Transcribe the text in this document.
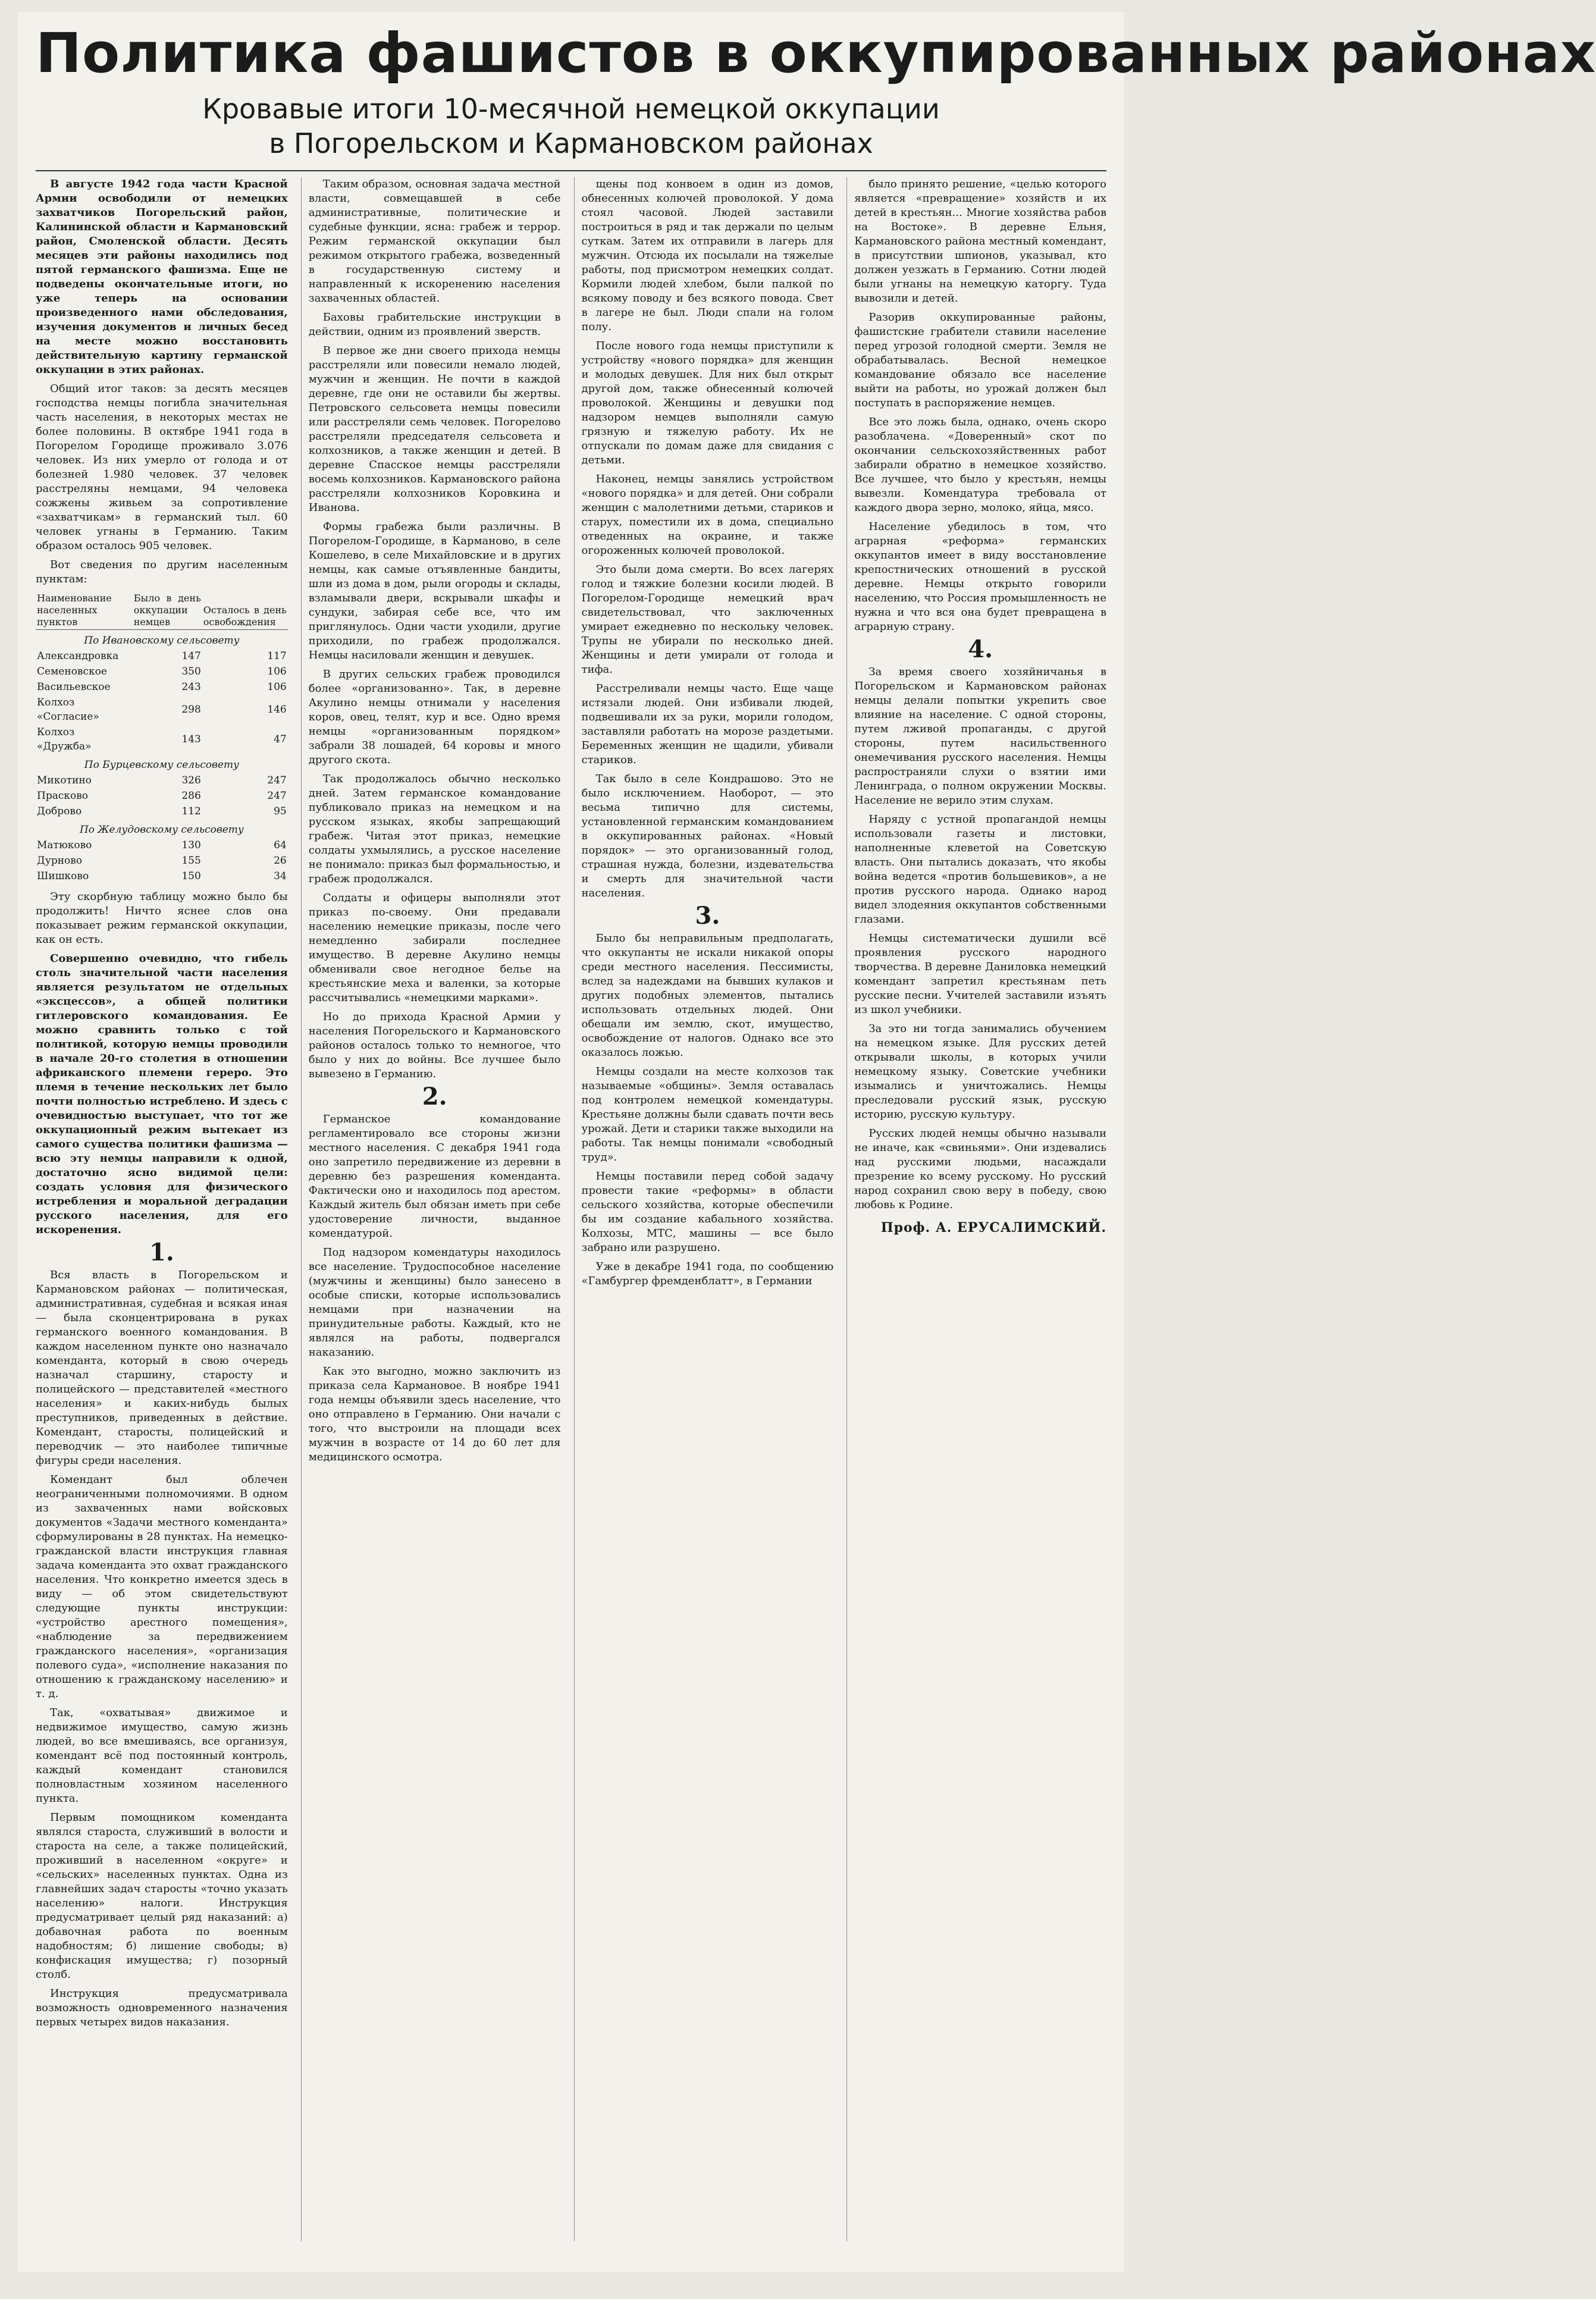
Политика фашистов в оккупированных районах
Кровавые итоги 10-месячной немецкой оккупации
в Погорельском и Кармановском районах

В августе 1942 года части Красной Армии освободили от немецких захватчиков Погорельский район, Калининской области и Кармановский район, Смоленской области. Десять месяцев эти районы находились под пятой германского фашизма. Еще не подведены окончательные итоги, но уже теперь на основании произведенного нами обследования, изучения документов и личных бесед на месте можно восстановить действительную картину германской оккупации в этих районах.

Общий итог таков: за десять месяцев господства немцы погибла значительная часть населения, в некоторых местах не более половины. В октябре 1941 года в Погорелом Городище проживало 3.076 человек. Из них умерло от голода и от болезней 1.980 человек. 37 человек расстреляны немцами, 94 человека сожжены живьем за сопротивление «захватчикам» в германский тыл. 60 человек угнаны в Германию. Таким образом осталось 905 человек.

Вот сведения по другим населенным пунктам:

Наименование населенных пунктов	Было в день оккупации немцев	Осталось в день освобождения
По Ивановскому сельсовету		
Александровка	147	117
Семеновское	350	106
Васильевское	243	106
Колхоз «Согласие»	298	146
Колхоз «Дружба»	143	47
По Бурцевскому сельсовету		
Микотино	326	247
Прасково	286	247
Доброво	112	95
По Желудовскому сельсовету		
Матюково	130	64
Дурново	155	26
Шишково	150	34

Эту скорбную таблицу можно было бы продолжить! Ничто яснее слов она показывает режим германской оккупации, как он есть.

Совершенно очевидно, что гибель столь значительной части населения является результатом не отдельных «эксцессов», а общей политики гитлеровского командования. Ее можно сравнить только с той политикой, которую немцы проводили в начале 20-го столетия в отношении африканского племени гереро. Это племя в течение нескольких лет было почти полностью истреблено. И здесь с очевидностью выступает, что тот же оккупационный режим вытекает из самого существа политики фашизма — всю эту немцы направили к одной, достаточно ясно видимой цели: создать условия для физического истребления и моральной деградации русского населения, для его искоренения.

1.

Вся власть в Погорельском и Кармановском районах — политическая, административная, судебная и всякая иная — была сконцентрирована в руках германского военного командования. В каждом населенном пункте оно назначало коменданта, который в свою очередь назначал старшину, старосту и полицейского — представителей «местного населения» и каких-нибудь былых преступников, приведенных в действие. Комендант, старосты, полицейский и переводчик — это наиболее типичные фигуры среди населения.

Комендант был облечен неограниченными полномочиями. В одном из захваченных нами войсковых документов «Задачи местного коменданта» сформулированы в 28 пунктах. На немецко-гражданской власти инструкция главная задача коменданта это охват гражданского населения. Что конкретно имеется здесь в виду — об этом свидетельствуют следующие пункты инструкции: «устройство арестного помещения», «наблюдение за передвижением гражданского населения», «организация полевого суда», «исполнение наказания по отношению к гражданскому населению» и т. д.

Так, «охватывая» движимое и недвижимое имущество, самую жизнь людей, во все вмешиваясь, все организуя, комендант всё под постоянный контроль, каждый комендант становился полновластным хозяином населенного пункта.

Первым помощником коменданта являлся староста, служивший в волости и староста на селе, а также полицейский, проживший в населенном «округе» и «сельских» населенных пунктах. Одна из главнейших задач старосты «точно указать населению» налоги. Инструкция предусматривает целый ряд наказаний: а) добавочная работа по военным надобностям; б) лишение свободы; в) конфискация имущества; г) позорный столб.

Инструкция предусматривала возможность одновременного назначения первых четырех видов наказания.

Таким образом, основная задача местной власти, совмещавшей в себе административные, политические и судебные функции, ясна: грабеж и террор. Режим германской оккупации был режимом открытого грабежа, возведенный в государственную систему и направленный к искоренению населения захваченных областей.

Баховы грабительские инструкции в действии, одним из проявлений зверств.

В первое же дни своего прихода немцы расстреляли или повесили немало людей, мужчин и женщин. Не почти в каждой деревне, где они не оставили бы жертвы. Петровского сельсовета немцы повесили или расстреляли семь человек. Погорелово расстреляли председателя сельсовета и колхозников, а также женщин и детей. В деревне Спасское немцы расстреляли восемь колхозников. Кармановского района расстреляли колхозников Коровкина и Иванова.

Формы грабежа были различны. В Погорелом-Городище, в Карманово, в селе Кошелево, в селе Михайловские и в других немцы, как самые отъявленные бандиты, шли из дома в дом, рыли огороды и склады, взламывали двери, вскрывали шкафы и сундуки, забирая себе все, что им приглянулось. Одни части уходили, другие приходили, по грабеж продолжался. Немцы насиловали женщин и девушек.

В других сельских грабеж проводился более «организованно». Так, в деревне Акулино немцы отнимали у населения коров, овец, телят, кур и все. Одно время немцы «организованным порядком» забрали 38 лошадей, 64 коровы и много другого скота.

Так продолжалось обычно несколько дней. Затем германское командование публиковало приказ на немецком и на русском языках, якобы запрещающий грабеж. Читая этот приказ, немецкие солдаты ухмылялись, а русское население не понимало: приказ был формальностью, и грабеж продолжался.

Солдаты и офицеры выполняли этот приказ по-своему. Они предавали населению немецкие приказы, после чего немедленно забирали последнее имущество. В деревне Акулино немцы обменивали свое негодное белье на крестьянские меха и валенки, за которые рассчитывались «немецкими марками».

Но до прихода Красной Армии у населения Погорельского и Кармановского районов осталось только то немногое, что было у них до войны. Все лучшее было вывезено в Германию.

2.

Германское командование регламентировало все стороны жизни местного населения. С декабря 1941 года оно запретило передвижение из деревни в деревню без разрешения коменданта. Фактически оно и находилось под арестом. Каждый житель был обязан иметь при себе удостоверение личности, выданное комендатурой.

Под надзором комендатуры находилось все население. Трудоспособное население (мужчины и женщины) было занесено в особые списки, которые использовались немцами при назначении на принудительные работы. Каждый, кто не являлся на работы, подвергался наказанию.

Как это выгодно, можно заключить из приказа села Кармановое. В ноябре 1941 года немцы объявили здесь население, что оно отправлено в Германию. Они начали с того, что выстроили на площади всех мужчин в возрасте от 14 до 60 лет для медицинского осмотра.

щены под конвоем в один из домов, обнесенных колючей проволокой. У дома стоял часовой. Людей заставили построиться в ряд и так держали по целым суткам. Затем их отправили в лагерь для мужчин. Отсюда их посылали на тяжелые работы, под присмотром немецких солдат. Кормили людей хлебом, были палкой по всякому поводу и без всякого повода. Свет в лагере не был. Люди спали на голом полу.

После нового года немцы приступили к устройству «нового порядка» для женщин и молодых девушек. Для них был открыт другой дом, также обнесенный колючей проволокой. Женщины и девушки под надзором немцев выполняли самую грязную и тяжелую работу. Их не отпускали по домам даже для свидания с детьми.

Наконец, немцы занялись устройством «нового порядка» и для детей. Они собрали женщин с малолетними детьми, стариков и старух, поместили их в дома, специально отведенных на окраине, и также огороженных колючей проволокой.

Это были дома смерти. Во всех лагерях голод и тяжкие болезни косили людей. В Погорелом-Городище немецкий врач свидетельствовал, что заключенных умирает ежедневно по нескольку человек. Трупы не убирали по несколько дней. Женщины и дети умирали от голода и тифа.

Расстреливали немцы часто. Еще чаще истязали людей. Они избивали людей, подвешивали их за руки, морили голодом, заставляли работать на морозе раздетыми. Беременных женщин не щадили, убивали стариков.

Так было в селе Кондрашово. Это не было исключением. Наоборот, — это весьма типично для системы, установленной германским командованием в оккупированных районах. «Новый порядок» — это организованный голод, страшная нужда, болезни, издевательства и смерть для значительной части населения.

3.

Было бы неправильным предполагать, что оккупанты не искали никакой опоры среди местного населения. Пессимисты, вслед за надеждами на бывших кулаков и других подобных элементов, пытались использовать отдельных людей. Они обещали им землю, скот, имущество, освобождение от налогов. Однако все это оказалось ложью.

Немцы создали на месте колхозов так называемые «общины». Земля оставалась под контролем немецкой комендатуры. Крестьяне должны были сдавать почти весь урожай. Дети и старики также выходили на работы. Так немцы понимали «свободный труд».

Немцы поставили перед собой задачу провести такие «реформы» в области сельского хозяйства, которые обеспечили бы им создание кабального хозяйства. Колхозы, МТС, машины — все было забрано или разрушено.

Уже в декабре 1941 года, по сообщению «Гамбургер фремденблатт», в Германии

было принято решение, «целью которого является «превращение» хозяйств и их детей в крестьян... Многие хозяйства рабов на Востоке». В деревне Ельня, Кармановского района местный комендант, в присутствии шпионов, указывал, кто должен уезжать в Германию. Сотни людей были угнаны на немецкую каторгу. Туда вывозили и детей.

Разорив оккупированные районы, фашистские грабители ставили население перед угрозой голодной смерти. Земля не обрабатывалась. Весной немецкое командование обязало все население выйти на работы, но урожай должен был поступать в распоряжение немцев.

Все это ложь была, однако, очень скоро разоблачена. «Доверенный» скот по окончании сельскохозяйственных работ забирали обратно в немецкое хозяйство. Все лучшее, что было у крестьян, немцы вывезли. Комендатура требовала от каждого двора зерно, молоко, яйца, мясо.

Население убедилось в том, что аграрная «реформа» германских оккупантов имеет в виду восстановление крепостнических отношений в русской деревне. Немцы открыто говорили населению, что Россия промышленность не нужна и что вся она будет превращена в аграрную страну.

4.

За время своего хозяйничанья в Погорельском и Кармановском районах немцы делали попытки укрепить свое влияние на население. С одной стороны, путем лживой пропаганды, с другой стороны, путем насильственного онемечивания русского населения. Немцы распространяли слухи о взятии ими Ленинграда, о полном окружении Москвы. Население не верило этим слухам.

Наряду с устной пропагандой немцы использовали газеты и листовки, наполненные клеветой на Советскую власть. Они пытались доказать, что якобы война ведется «против большевиков», а не против русского народа. Однако народ видел злодеяния оккупантов собственными глазами.

Немцы систематически душили всё проявления русского народного творчества. В деревне Даниловка немецкий комендант запретил крестьянам петь русские песни. Учителей заставили изъять из школ учебники.

За это ни тогда занимались обучением на немецком языке. Для русских детей открывали школы, в которых учили немецкому языку. Советские учебники изымались и уничтожались. Немцы преследовали русский язык, русскую историю, русскую культуру.

Русских людей немцы обычно называли не иначе, как «свиньями». Они издевались над русскими людьми, насаждали презрение ко всему русскому. Но русский народ сохранил свою веру в победу, свою любовь к Родине.

Проф. А. ЕРУСАЛИМСКИЙ.
